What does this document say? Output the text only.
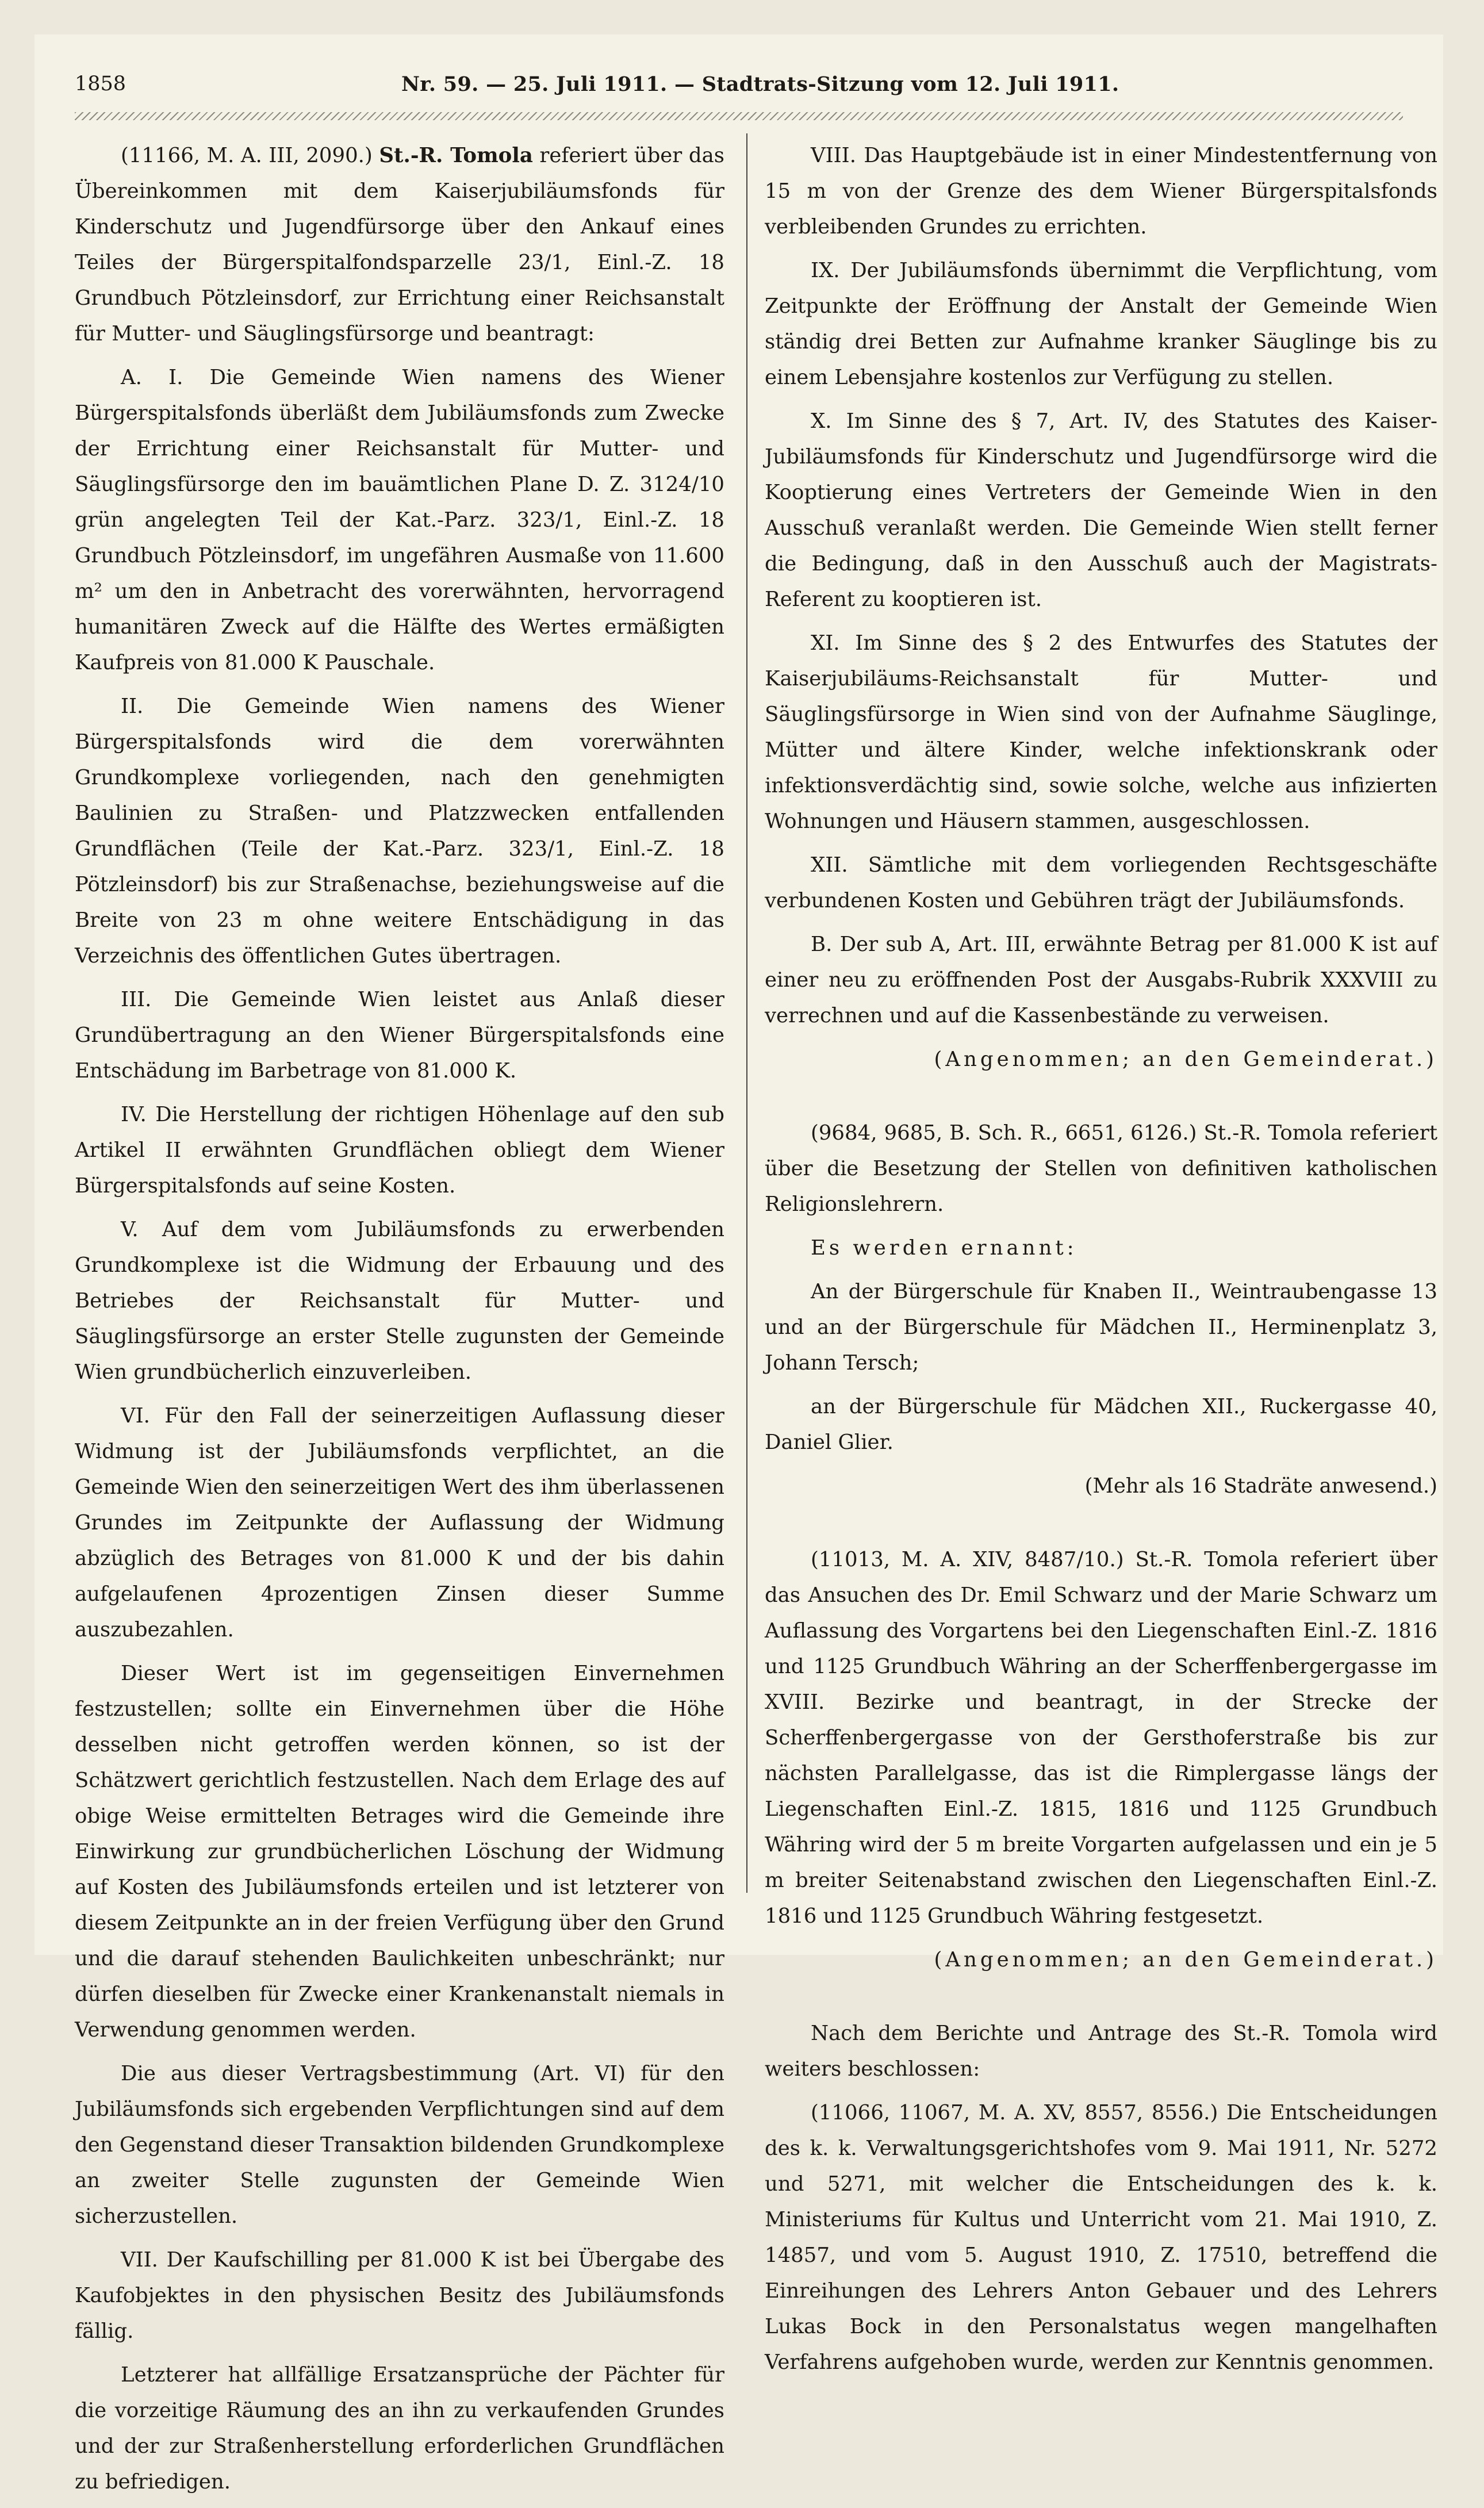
1858	Nr. 59. — 25. Juli 1911. — Stadtrats-Sitzung vom 12. Juli 1911.

(11166, M. A. III, 2090.) St.-R. Tomola referiert über das Übereinkommen mit dem Kaiserjubiläumsfonds für Kinderschutz und Jugendfürsorge über den Ankauf eines Teiles der Bürgerspitalfondsparzelle 23/1, Einl.-Z. 18 Grundbuch Pötzleinsdorf, zur Errichtung einer Reichsanstalt für Mutter- und Säuglingsfürsorge und beantragt:

A. I. Die Gemeinde Wien namens des Wiener Bürgerspitalsfonds überläßt dem Jubiläumsfonds zum Zwecke der Errichtung einer Reichsanstalt für Mutter- und Säuglingsfürsorge den im bauämtlichen Plane D. Z. 3124/10 grün angelegten Teil der Kat.-Parz. 323/1, Einl.-Z. 18 Grundbuch Pötzleinsdorf, im ungefähren Ausmaße von 11.600 m² um den in Anbetracht des vorerwähnten, hervorragend humanitären Zweck auf die Hälfte des Wertes ermäßigten Kaufpreis von 81.000 K Pauschale.

II. Die Gemeinde Wien namens des Wiener Bürgerspitalsfonds wird die dem vorerwähnten Grundkomplexe vorliegenden, nach den genehmigten Baulinien zu Straßen- und Platzzwecken entfallenden Grundflächen (Teile der Kat.-Parz. 323/1, Einl.-Z. 18 Pötzleinsdorf) bis zur Straßenachse, beziehungsweise auf die Breite von 23 m ohne weitere Entschädigung in das Verzeichnis des öffentlichen Gutes übertragen.

III. Die Gemeinde Wien leistet aus Anlaß dieser Grundübertragung an den Wiener Bürgerspitalsfonds eine Entschädung im Barbetrage von 81.000 K.

IV. Die Herstellung der richtigen Höhenlage auf den sub Artikel II erwähnten Grundflächen obliegt dem Wiener Bürgerspitalsfonds auf seine Kosten.

V. Auf dem vom Jubiläumsfonds zu erwerbenden Grundkomplexe ist die Widmung der Erbauung und des Betriebes der Reichsanstalt für Mutter- und Säuglingsfürsorge an erster Stelle zugunsten der Gemeinde Wien grundbücherlich einzuverleiben.

VI. Für den Fall der seinerzeitigen Auflassung dieser Widmung ist der Jubiläumsfonds verpflichtet, an die Gemeinde Wien den seinerzeitigen Wert des ihm überlassenen Grundes im Zeitpunkte der Auflassung der Widmung abzüglich des Betrages von 81.000 K und der bis dahin aufgelaufenen 4prozentigen Zinsen dieser Summe auszubezahlen.

Dieser Wert ist im gegenseitigen Einvernehmen festzustellen; sollte ein Einvernehmen über die Höhe desselben nicht getroffen werden können, so ist der Schätzwert gerichtlich festzustellen. Nach dem Erlage des auf obige Weise ermittelten Betrages wird die Gemeinde ihre Einwirkung zur grundbücherlichen Löschung der Widmung auf Kosten des Jubiläumsfonds erteilen und ist letzterer von diesem Zeitpunkte an in der freien Verfügung über den Grund und die darauf stehenden Baulichkeiten unbeschränkt; nur dürfen dieselben für Zwecke einer Krankenanstalt niemals in Verwendung genommen werden.

Die aus dieser Vertragsbestimmung (Art. VI) für den Jubiläumsfonds sich ergebenden Verpflichtungen sind auf dem den Gegenstand dieser Transaktion bildenden Grundkomplexe an zweiter Stelle zugunsten der Gemeinde Wien sicherzustellen.

VII. Der Kaufschilling per 81.000 K ist bei Übergabe des Kaufobjektes in den physischen Besitz des Jubiläumsfonds fällig.

Letzterer hat allfällige Ersatzansprüche der Pächter für die vorzeitige Räumung des an ihn zu verkaufenden Grundes und der zur Straßenherstellung erforderlichen Grundflächen zu befriedigen.

VIII. Das Hauptgebäude ist in einer Mindestentfernung von 15 m von der Grenze des dem Wiener Bürgerspitalsfonds verbleibenden Grundes zu errichten.

IX. Der Jubiläumsfonds übernimmt die Verpflichtung, vom Zeitpunkte der Eröffnung der Anstalt der Gemeinde Wien ständig drei Betten zur Aufnahme kranker Säuglinge bis zu einem Lebensjahre kostenlos zur Verfügung zu stellen.

X. Im Sinne des § 7, Art. IV, des Statutes des Kaiser-Jubiläumsfonds für Kinderschutz und Jugendfürsorge wird die Kooptierung eines Vertreters der Gemeinde Wien in den Ausschuß veranlaßt werden. Die Gemeinde Wien stellt ferner die Bedingung, daß in den Ausschuß auch der Magistrats-Referent zu kooptieren ist.

XI. Im Sinne des § 2 des Entwurfes des Statutes der Kaiserjubiläums-Reichsanstalt für Mutter- und Säuglingsfürsorge in Wien sind von der Aufnahme Säuglinge, Mütter und ältere Kinder, welche infektionskrank oder infektionsverdächtig sind, sowie solche, welche aus infizierten Wohnungen und Häusern stammen, ausgeschlossen.

XII. Sämtliche mit dem vorliegenden Rechtsgeschäfte verbundenen Kosten und Gebühren trägt der Jubiläumsfonds.

B. Der sub A, Art. III, erwähnte Betrag per 81.000 K ist auf einer neu zu eröffnenden Post der Ausgabs-Rubrik XXXVIII zu verrechnen und auf die Kassenbestände zu verweisen.

(Angenommen; an den Gemeinderat.)

(9684, 9685, B. Sch. R., 6651, 6126.) St.-R. Tomola referiert über die Besetzung der Stellen von definitiven katholischen Religionslehrern.

Es werden ernannt:

An der Bürgerschule für Knaben II., Weintraubengasse 13 und an der Bürgerschule für Mädchen II., Herminenplatz 3, Johann Tersch;

an der Bürgerschule für Mädchen XII., Ruckergasse 40, Daniel Glier.

(Mehr als 16 Stadräte anwesend.)

(11013, M. A. XIV, 8487/10.) St.-R. Tomola referiert über das Ansuchen des Dr. Emil Schwarz und der Marie Schwarz um Auflassung des Vorgartens bei den Liegenschaften Einl.-Z. 1816 und 1125 Grundbuch Währing an der Scherffenbergergasse im XVIII. Bezirke und beantragt, in der Strecke der Scherffenbergergasse von der Gersthoferstraße bis zur nächsten Parallelgasse, das ist die Rimplergasse längs der Liegenschaften Einl.-Z. 1815, 1816 und 1125 Grundbuch Währing wird der 5 m breite Vorgarten aufgelassen und ein je 5 m breiter Seitenabstand zwischen den Liegenschaften Einl.-Z. 1816 und 1125 Grundbuch Währing festgesetzt.

(Angenommen; an den Gemeinderat.)

Nach dem Berichte und Antrage des St.-R. Tomola wird weiters beschlossen:

(11066, 11067, M. A. XV, 8557, 8556.) Die Entscheidungen des k. k. Verwaltungsgerichtshofes vom 9. Mai 1911, Nr. 5272 und 5271, mit welcher die Entscheidungen des k. k. Ministeriums für Kultus und Unterricht vom 21. Mai 1910, Z. 14857, und vom 5. August 1910, Z. 17510, betreffend die Einreihungen des Lehrers Anton Gebauer und des Lehrers Lukas Bock in den Personalstatus wegen mangelhaften Verfahrens aufgehoben wurde, werden zur Kenntnis genommen.
